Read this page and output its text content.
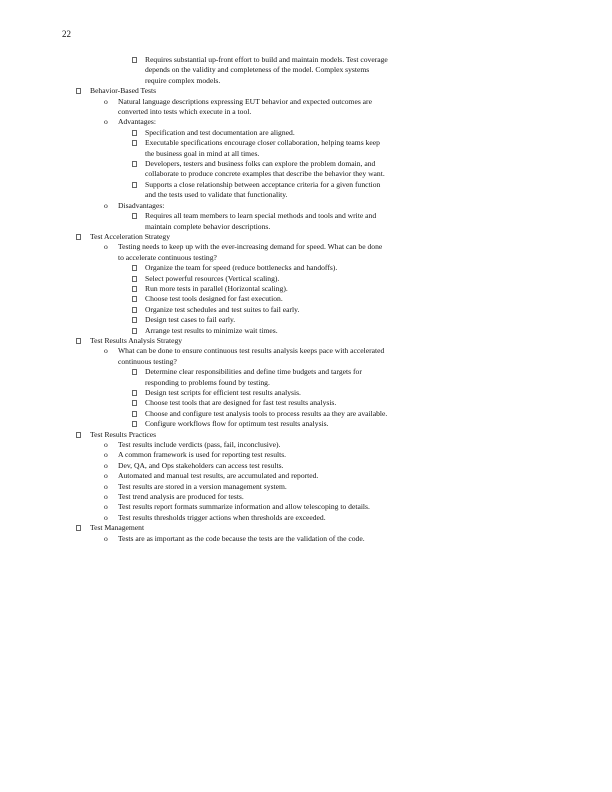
22
Requires substantial up-front effort to build and maintain models. Test coverage
depends on the validity and completeness of the model. Complex systems
require complex models.
Behavior-Based Tests
o Natural language descriptions expressing EUT behavior and expected outcomes are
converted into tests which execute in a tool.
o Advantages:
Specification and test documentation are aligned.
Executable specifications encourage closer collaboration, helping teams keep
the business goal in mind at all times.
Developers, testers and business folks can explore the problem domain, and
collaborate to produce concrete examples that describe the behavior they want.
Supports a close relationship between acceptance criteria for a given function
and the tests used to validate that functionality.
o Disadvantages:
Requires all team members to learn special methods and tools and write and
maintain complete behavior descriptions.
Test Acceleration Strategy
o Testing needs to keep up with the ever-increasing demand for speed. What can be done
to accelerate continuous testing?
Organize the team for speed (reduce bottlenecks and handoffs).
Select powerful resources (Vertical scaling).
Run more tests in parallel (Horizontal scaling).
Choose test tools designed for fast execution.
Organize test schedules and test suites to fail early.
Design test cases to fail early.
Arrange test results to minimize wait times.
Test Results Analysis Strategy
o What can be done to ensure continuous test results analysis keeps pace with accelerated
continuous testing?
Determine clear responsibilities and define time budgets and targets for
responding to problems found by testing.
Design test scripts for efficient test results analysis.
Choose test tools that are designed for fast test results analysis.
Choose and configure test analysis tools to process results aa they are available.
Configure workflows flow for optimum test results analysis.
Test Results Practices
o Test results include verdicts (pass, fail, inconclusive).
o A common framework is used for reporting test results.
o Dev, QA, and Ops stakeholders can access test results.
o Automated and manual test results, are accumulated and reported.
o Test results are stored in a version management system.
o Test trend analysis are produced for tests.
o Test results report formats summarize information and allow telescoping to details.
o Test results thresholds trigger actions when thresholds are exceeded.
Test Management
o Tests are as important as the code because the tests are the validation of the code.
